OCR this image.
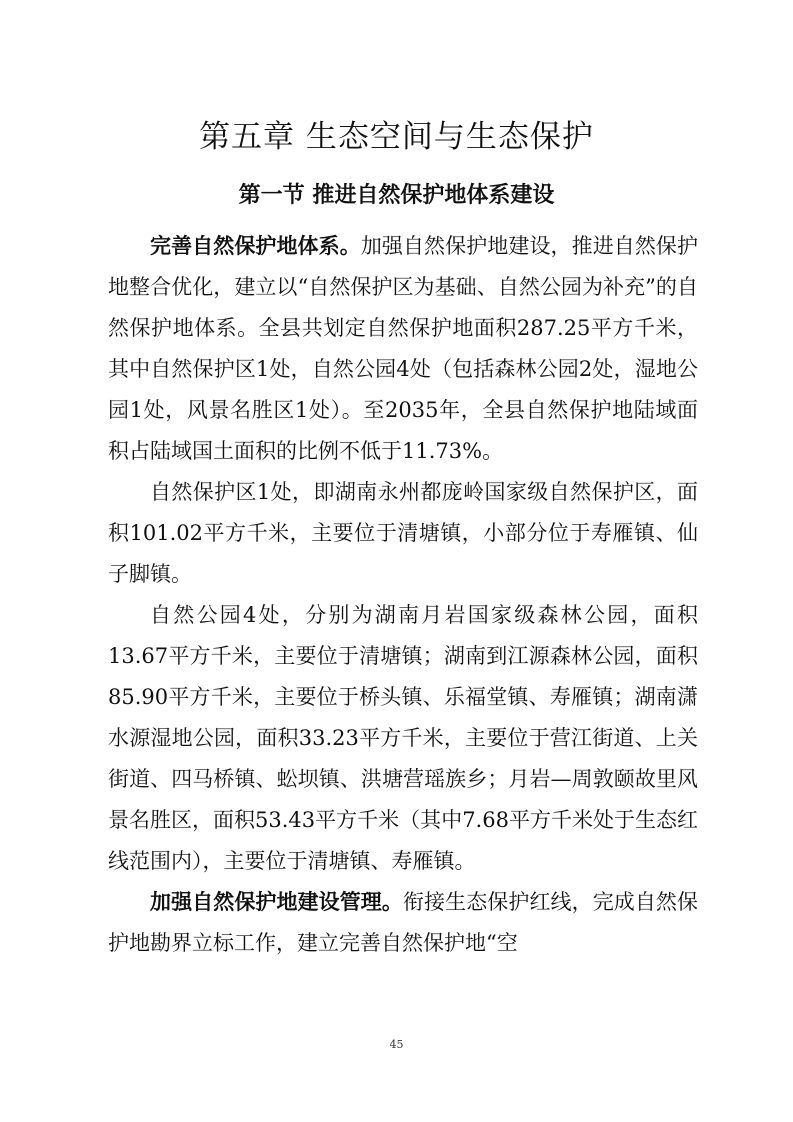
第五章 生态空间与生态保护
第一节 推进自然保护地体系建设

完善自然保护地体系。加强自然保护地建设，推进自然保护地整合优化，建立以“自然保护区为基础、自然公园为补充”的自然保护地体系。全县共划定自然保护地面积287.25平方千米，其中自然保护区1处，自然公园4处（包括森林公园2处，湿地公园1处，风景名胜区1处）。至2035年，全县自然保护地陆域面积占陆域国土面积的比例不低于11.73%。

自然保护区1处，即湖南永州都庞岭国家级自然保护区，面积101.02平方千米，主要位于清塘镇，小部分位于寿雁镇、仙子脚镇。

自然公园4处，分别为湖南月岩国家级森林公园，面积13.67平方千米，主要位于清塘镇；湖南到江源森林公园，面积85.90平方千米，主要位于桥头镇、乐福堂镇、寿雁镇；湖南潇水源湿地公园，面积33.23平方千米，主要位于营江街道、上关街道、四马桥镇、蚣坝镇、洪塘营瑶族乡；月岩—周敦颐故里风景名胜区，面积53.43平方千米（其中7.68平方千米处于生态红线范围内），主要位于清塘镇、寿雁镇。

加强自然保护地建设管理。衔接生态保护红线，完成自然保护地勘界立标工作，建立完善自然保护地“空

45
